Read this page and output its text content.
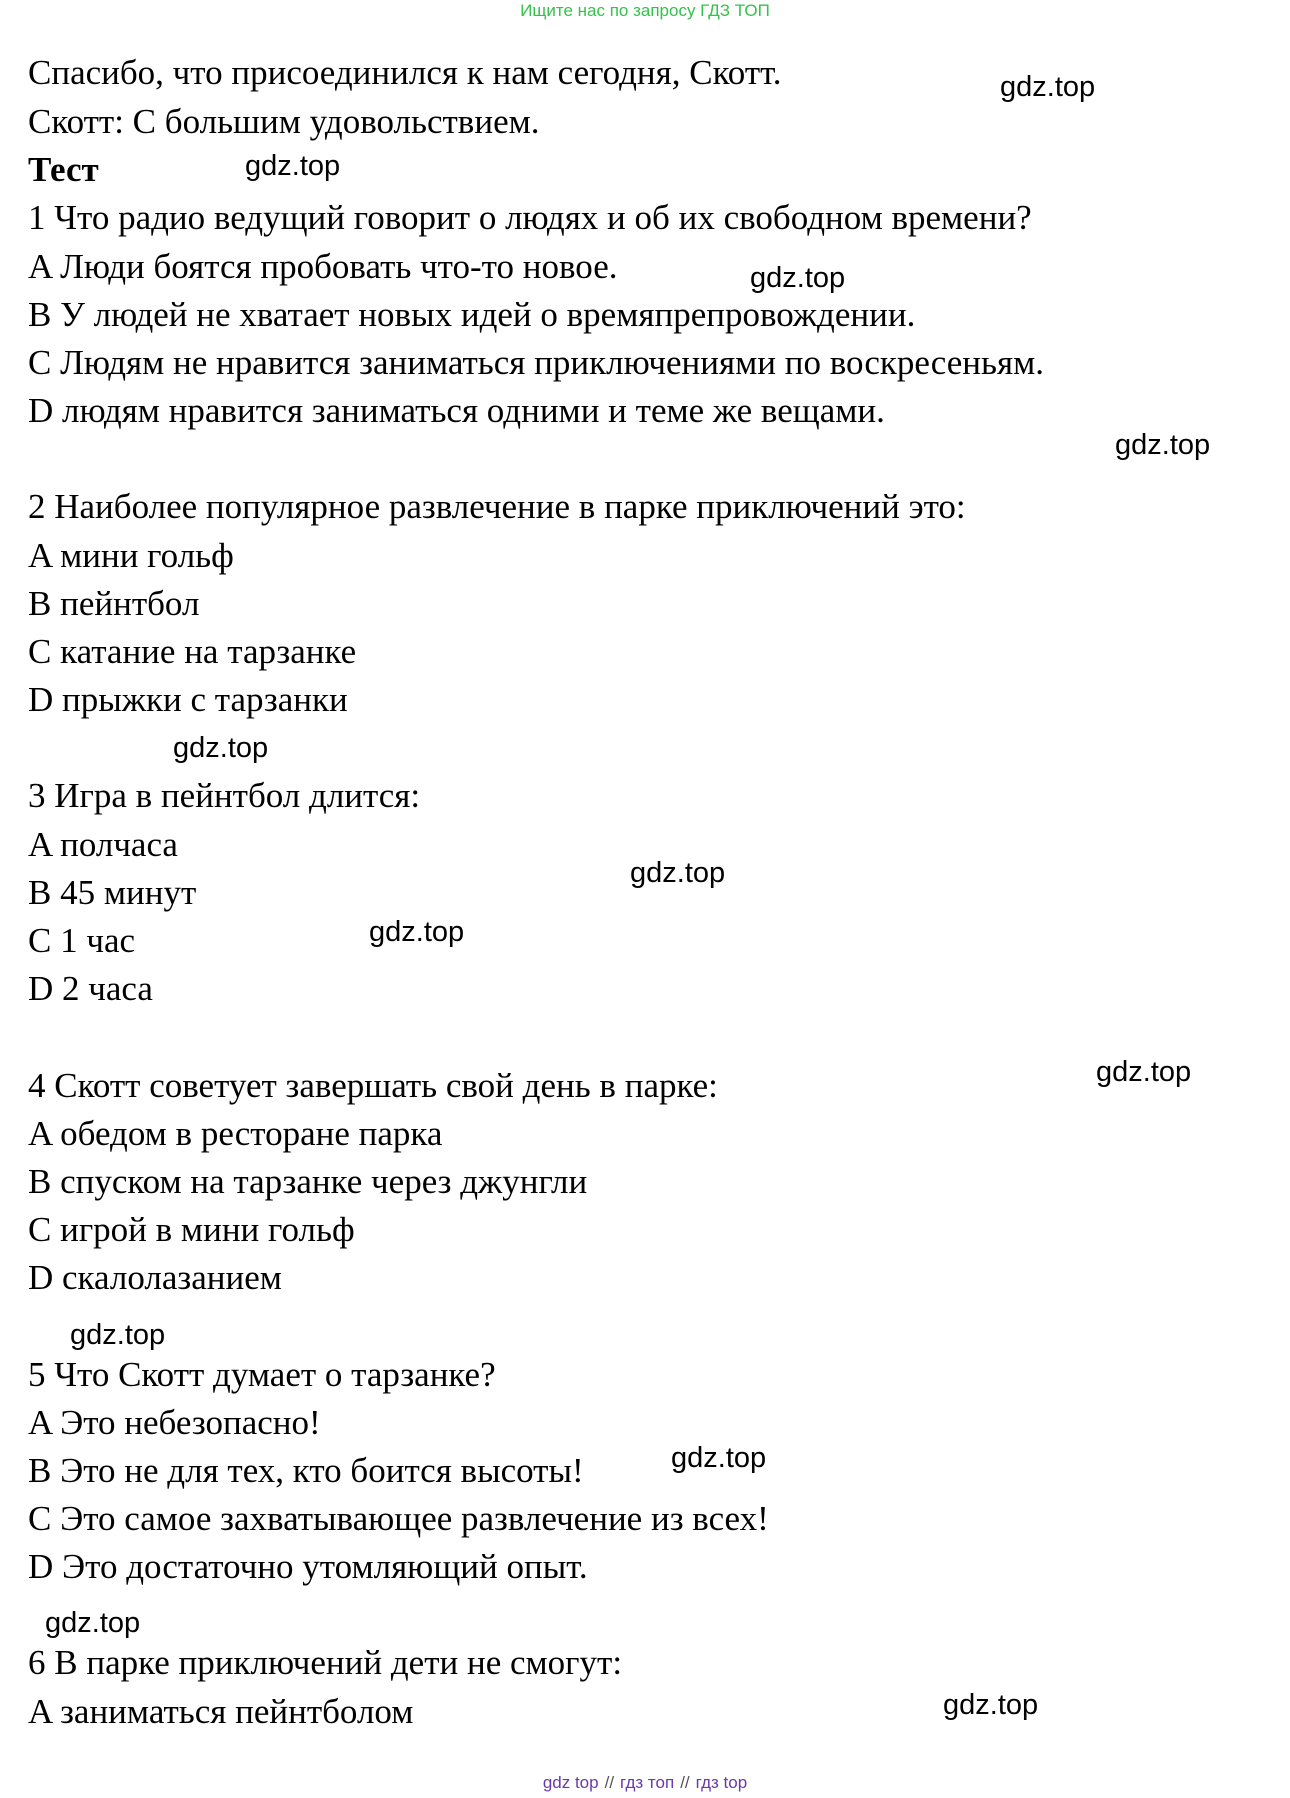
Ищите нас по запросу ГДЗ ТОП
Спасибо, что присоединился к нам сегодня, Скотт.
Скотт: С большим удовольствием.
Тест
1 Что радио ведущий говорит о людях и об их свободном времени?
A Люди боятся пробовать что-то новое.
B У людей не хватает новых идей о времяпрепровождении.
C Людям не нравится заниматься приключениями по воскресеньям.
D людям нравится заниматься одними и теме же вещами.
2 Наиболее популярное развлечение в парке приключений это:
A мини гольф
B пейнтбол
C катание на тарзанке
D прыжки с тарзанки
3 Игра в пейнтбол длится:
A полчаса
B 45 минут
C 1 час
D 2 часа
4 Скотт советует завершать свой день в парке:
A обедом в ресторане парка
B спуском на тарзанке через джунгли
C игрой в мини гольф
D скалолазанием
5 Что Скотт думает о тарзанке?
A Это небезопасно!
B Это не для тех, кто боится высоты!
C Это самое захватывающее развлечение из всех!
D Это достаточно утомляющий опыт.
6 В парке приключений дети не смогут:
A заниматься пейнтболом
gdz.top
gdz.top
gdz.top
gdz.top
gdz.top
gdz.top
gdz.top
gdz.top
gdz.top
gdz.top
gdz.top
gdz.top
gdz top // гдз топ // гдз top
